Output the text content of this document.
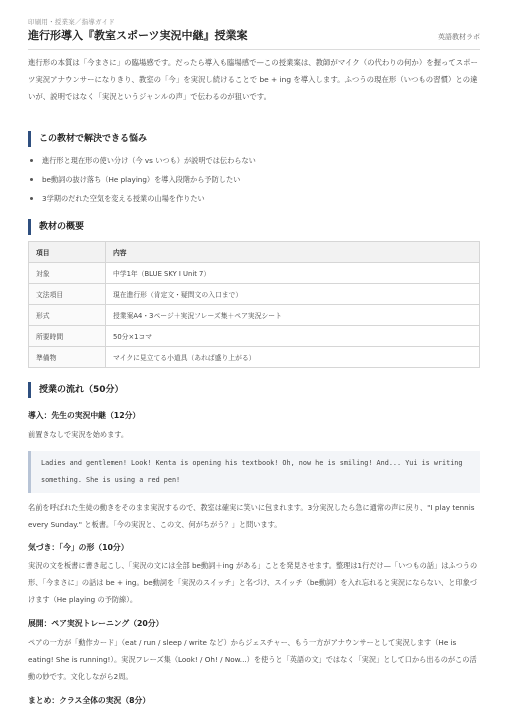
印刷用・授業案／指導ガイド
進行形導入『教室スポーツ実況中継』授業案	英語教材ラボ
進行形の本質は「今まさに」の臨場感です。だったら導入も臨場感で—この授業案は、教師がマイク（の代わりの何か）を握ってスポーツ実況アナウンサーになりきり、教室の「今」を実況し続けることで be + ing を導入します。ふつうの現在形（いつもの習慣）との違いが、説明ではなく「実況というジャンルの声」で伝わるのが狙いです。
この教材で解決できる悩み
進行形と現在形の使い分け（今 vs いつも）が説明では伝わらない
be動詞の抜け落ち（He playing）を導入段階から予防したい
3学期のだれた空気を変える授業の山場を作りたい
教材の概要
項目	内容
対象	中学1年（BLUE SKY I Unit 7）
文法項目	現在進行形（肯定文・疑問文の入口まで）
形式	授業案A4・3ページ＋実況フレーズ集＋ペア実況シート
所要時間	50分×1コマ
準備物	マイクに見立てる小道具（あれば盛り上がる）
授業の流れ（50分）
導入：先生の実況中継（12分）
前置きなしで実況を始めます。
Ladies and gentlemen! Look! Kenta is opening his textbook! Oh, now he is smiling! And... Yui is writing something. She is using a red pen!
名前を呼ばれた生徒の動きをそのまま実況するので、教室は確実に笑いに包まれます。3分実況したら急に通常の声に戻り、"I play tennis every Sunday." と板書。「今の実況と、この文、何がちがう？」と問います。
気づき：「今」の形（10分）
実況の文を板書に書き起こし、「実況の文には全部 be動詞＋ing がある」ことを発見させます。整理は1行だけ—「いつもの話」はふつうの形、「今まさに」の話は be + ing。be動詞を「実況のスイッチ」と名づけ、スイッチ（be動詞）を入れ忘れると実況にならない、と印象づけます（He playing の予防線）。
展開：ペア実況トレーニング（20分）
ペアの一方が「動作カード」（eat / run / sleep / write など）からジェスチャー、もう一方がアナウンサーとして実況します（He is eating! She is running!）。実況フレーズ集（Look! / Oh! / Now...）を使うと「英語の文」ではなく「実況」として口から出るのがこの活動の妙です。文化しながら2周。
まとめ：クラス全体の実況（8分）
